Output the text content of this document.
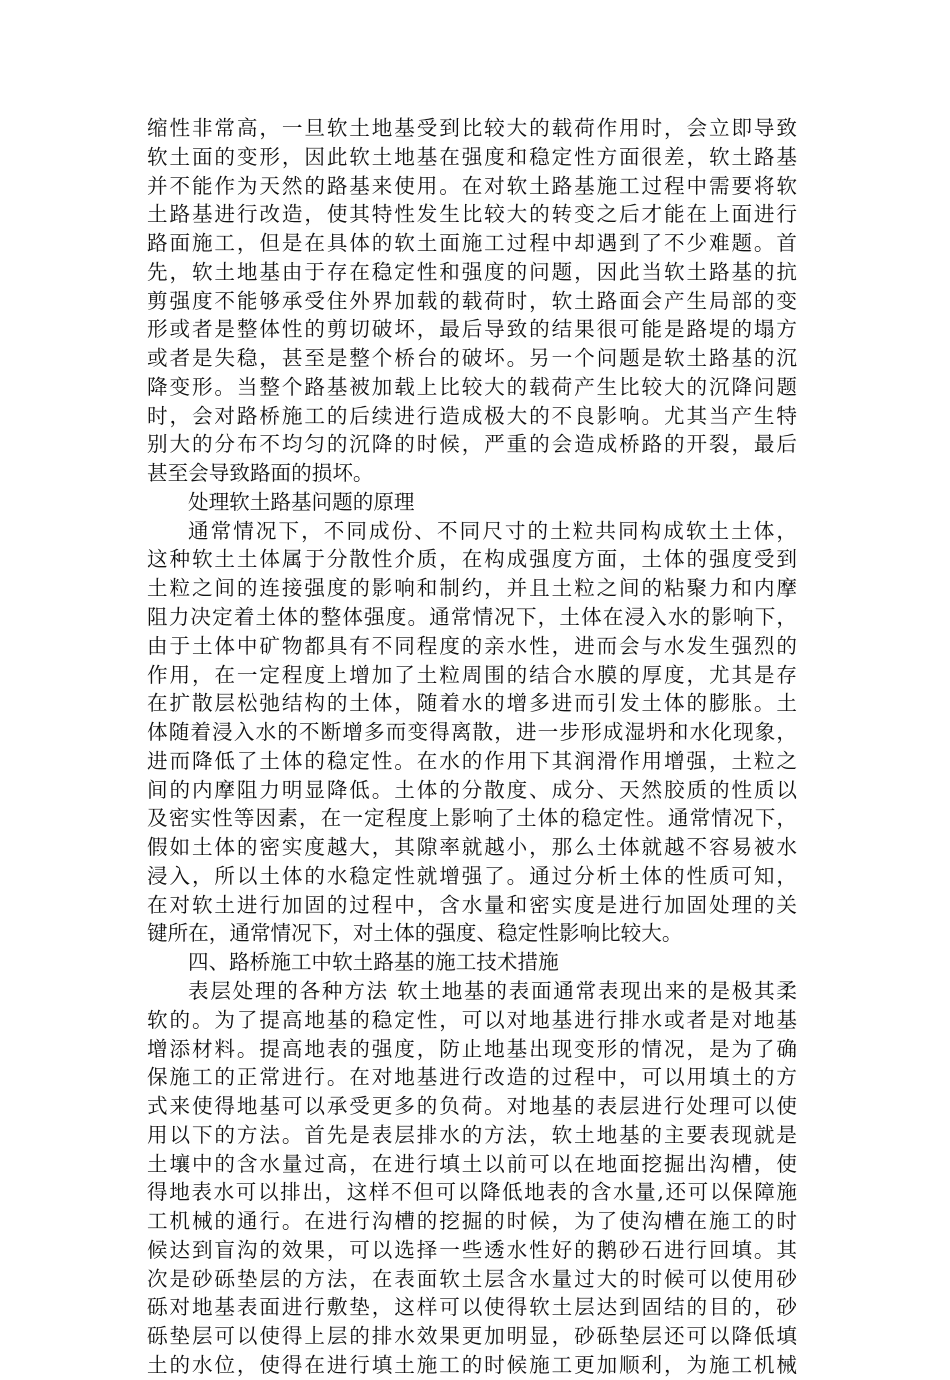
缩性非常高，一旦软土地基受到比较大的载荷作用时，会立即导致
软土面的变形，因此软土地基在强度和稳定性方面很差，软土路基
并不能作为天然的路基来使用。在对软土路基施工过程中需要将软
土路基进行改造，使其特性发生比较大的转变之后才能在上面进行
路面施工，但是在具体的软土面施工过程中却遇到了不少难题。首
先，软土地基由于存在稳定性和强度的问题，因此当软土路基的抗
剪强度不能够承受住外界加载的载荷时，软土路面会产生局部的变
形或者是整体性的剪切破坏，最后导致的结果很可能是路堤的塌方
或者是失稳，甚至是整个桥台的破坏。另一个问题是软土路基的沉
降变形。当整个路基被加载上比较大的载荷产生比较大的沉降问题
时，会对路桥施工的后续进行造成极大的不良影响。尤其当产生特
别大的分布不均匀的沉降的时候，严重的会造成桥路的开裂，最后
甚至会导致路面的损坏。
处理软土路基问题的原理
通常情况下，不同成份、不同尺寸的土粒共同构成软土土体，
这种软土土体属于分散性介质，在构成强度方面，土体的强度受到
土粒之间的连接强度的影响和制约，并且土粒之间的粘聚力和内摩
阻力决定着土体的整体强度。通常情况下，土体在浸入水的影响下，
由于土体中矿物都具有不同程度的亲水性，进而会与水发生强烈的
作用，在一定程度上增加了土粒周围的结合水膜的厚度，尤其是存
在扩散层松弛结构的土体，随着水的增多进而引发土体的膨胀。土
体随着浸入水的不断增多而变得离散，进一步形成湿坍和水化现象，
进而降低了土体的稳定性。在水的作用下其润滑作用增强，土粒之
间的内摩阻力明显降低。土体的分散度、成分、天然胶质的性质以
及密实性等因素，在一定程度上影响了土体的稳定性。通常情况下，
假如土体的密实度越大，其隙率就越小，那么土体就越不容易被水
浸入，所以土体的水稳定性就增强了。通过分析土体的性质可知，
在对软土进行加固的过程中，含水量和密实度是进行加固处理的关
键所在，通常情况下，对土体的强度、稳定性影响比较大。
四、路桥施工中软土路基的施工技术措施
表层处理的各种方法 软土地基的表面通常表现出来的是极其柔
软的。为了提高地基的稳定性，可以对地基进行排水或者是对地基
增添材料。提高地表的强度，防止地基出现变形的情况，是为了确
保施工的正常进行。在对地基进行改造的过程中，可以用填土的方
式来使得地基可以承受更多的负荷。对地基的表层进行处理可以使
用以下的方法。首先是表层排水的方法，软土地基的主要表现就是
土壤中的含水量过高，在进行填土以前可以在地面挖掘出沟槽，使
得地表水可以排出，这样不但可以降低地表的含水量,还可以保障施
工机械的通行。在进行沟槽的挖掘的时候，为了使沟槽在施工的时
候达到盲沟的效果，可以选择一些透水性好的鹅砂石进行回填。其
次是砂砾垫层的方法，在表面软土层含水量过大的时候可以使用砂
砾对地基表面进行敷垫，这样可以使得软土层达到固结的目的，砂
砾垫层可以使得上层的排水效果更加明显，砂砾垫层还可以降低填
土的水位，使得在进行填土施工的时候施工更加顺利，为施工机械
